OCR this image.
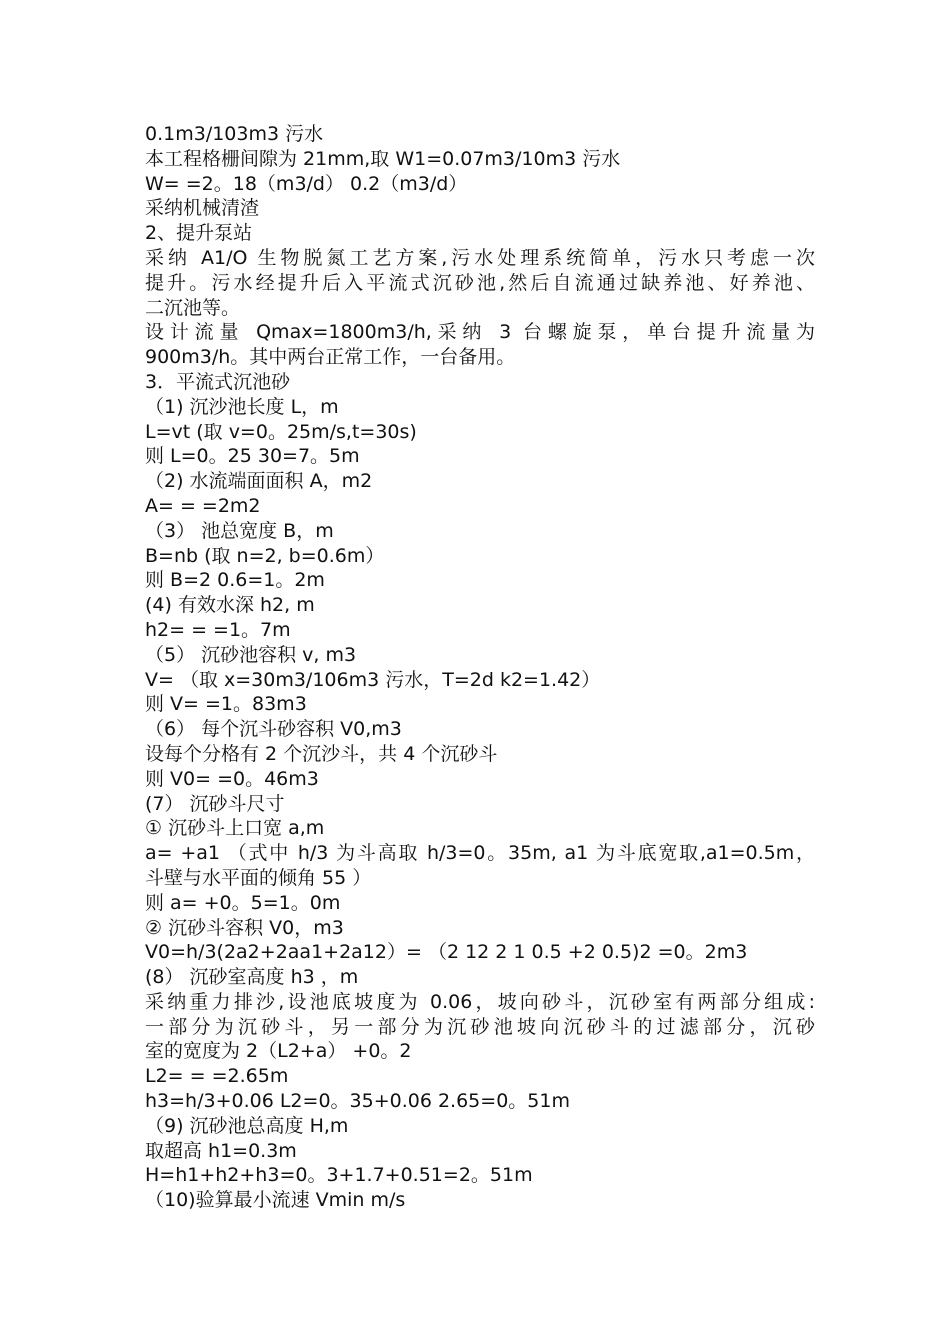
0.1m3/103m3 污水

本工程格栅间隙为 21mm,取 W1=0.07m3/10m3 污水

W= =2。18（m3/d） 0.2（m3/d）

采纳机械清渣

2、提升泵站

采纳 A1/O 生物脱氮工艺方案,污水处理系统简单，污水只考虑一次

提升。污水经提升后入平流式沉砂池,然后自流通过缺养池、好养池、

二沉池等。

设计流量 Qmax=1800m3/h,采纳 3 台螺旋泵，单台提升流量为

900m3/h。其中两台正常工作，一台备用。

3．平流式沉池砂

（1) 沉沙池长度 L，m

L=vt (取 v=0。25m/s,t=30s)

则 L=0。25 30=7。5m

（2) 水流端面面积 A，m2

A= = =2m2

（3） 池总宽度 B，m

B=nb (取 n=2, b=0.6m）

则 B=2 0.6=1。2m

(4) 有效水深 h2, m

h2= = =1。7m

（5） 沉砂池容积 v, m3

V= （取 x=30m3/106m3 污水，T=2d k2=1.42）

则 V= =1。83m3

（6） 每个沉斗砂容积 V0,m3

设每个分格有 2 个沉沙斗，共 4 个沉砂斗

则 V0= =0。46m3

(7） 沉砂斗尺寸

① 沉砂斗上口宽 a,m

a= +a1 （式中 h/3 为斗高取 h/3=0。35m, a1 为斗底宽取,a1=0.5m，

斗壁与水平面的倾角 55 ）

则 a= +0。5=1。0m

② 沉砂斗容积 V0，m3

V0=h/3(2a2+2aa1+2a12）= （2 12 2 1 0.5 +2 0.5)2 =0。2m3

(8） 沉砂室高度 h3 ，m

采纳重力排沙,设池底坡度为 0.06，坡向砂斗，沉砂室有两部分组成:

一部分为沉砂斗，另一部分为沉砂池坡向沉砂斗的过滤部分，沉砂

室的宽度为 2（L2+a） +0。2

L2= = =2.65m

h3=h/3+0.06 L2=0。35+0.06 2.65=0。51m

（9) 沉砂池总高度 H,m

取超高 h1=0.3m

H=h1+h2+h3=0。3+1.7+0.51=2。51m

（10)验算最小流速 Vmin m/s
